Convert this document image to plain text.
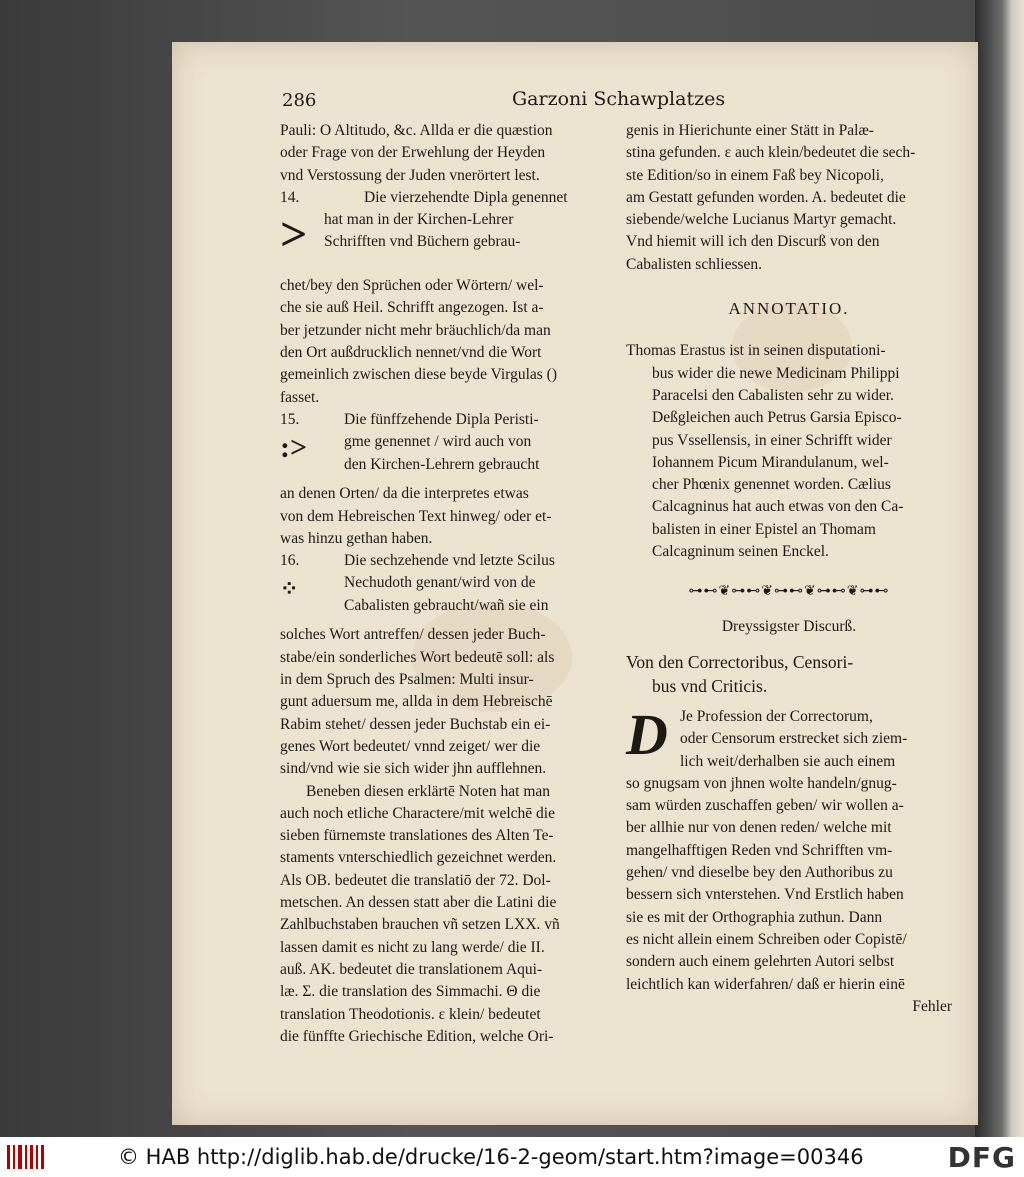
286	Garzoni Schawplatzes
Pauli: O Altitudo, &c. Allda er die quæstion
oder Frage von der Erwehlung der Heyden
vnd Verstossung der Juden vnerörtert lest.
14.	Die vierzehendte Dipla genennet
>	hat man in der Kirchen-Lehrer
Schrifften vnd Büchern gebrau-
chet/bey den Sprüchen oder Wörtern/ wel-
che sie auß Heil. Schrifft angezogen. Ist a-
ber jetzunder nicht mehr bräuchlich/da man
den Ort außdrucklich nennet/vnd die Wort
gemeinlich zwischen diese beyde Virgulas ()
fasset.
15.	Die fünffzehende Dipla Peristi-
:>	gme genennet / wird auch von
den Kirchen-Lehrern gebraucht
an denen Orten/ da die interpretes etwas
von dem Hebreischen Text hinweg/ oder et-
was hinzu gethan haben.
16.	Die sechzehende vnd letzte Scilus
⁘	Nechudoth genant/wird von de
Cabalisten gebraucht/wañ sie ein
solches Wort antreffen/ dessen jeder Buch-
stabe/ein sonderliches Wort bedeutē soll: als
in dem Spruch des Psalmen: Multi insur-
gunt aduersum me, allda in dem Hebreischē
Rabim stehet/ dessen jeder Buchstab ein ei-
genes Wort bedeutet/ vnnd zeiget/ wer die
sind/vnd wie sie sich wider jhn aufflehnen.
Beneben diesen erklärtē Noten hat man
auch noch etliche Charactere/mit welchē die
sieben fürnemste translationes des Alten Te-
staments vnterschiedlich gezeichnet werden.
Als OB. bedeutet die translatiō der 72. Dol-
metschen. An dessen statt aber die Latini die
Zahlbuchstaben brauchen vñ setzen LXX. vñ
lassen damit es nicht zu lang werde/ die II.
auß. AK. bedeutet die translationem Aqui-
læ. Σ. die translation des Simmachi. Θ die
translation Theodotionis. ε klein/ bedeutet
die fünffte Griechische Edition, welche Ori-
genis in Hierichunte einer Stätt in Palæ-
stina gefunden. ε auch klein/bedeutet die sech-
ste Edition/so in einem Faß bey Nicopoli,
am Gestatt gefunden worden. A. bedeutet die
siebende/welche Lucianus Martyr gemacht.
Vnd hiemit will ich den Discurß von den
Cabalisten schliessen.
ANNOTATIO.
Thomas Erastus ist in seinen disputationi-
bus wider die newe Medicinam Philippi
Paracelsi den Cabalisten sehr zu wider.
Deßgleichen auch Petrus Garsia Episco-
pus Vssellensis, in einer Schrifft wider
Iohannem Picum Mirandulanum, wel-
cher Phœnix genennet worden. Cælius
Calcagninus hat auch etwas von den Ca-
balisten in einer Epistel an Thomam
Calcagninum seinen Enckel.
⊶⊷❦⊶⊷❦⊶⊷❦⊶⊷❦⊶⊷
Dreyssigster Discurß.
Von den Correctoribus, Censori-
bus vnd Criticis.
D Je Profession der Correctorum,
oder Censorum erstrecket sich ziem-
lich weit/derhalben sie auch einem
so gnugsam von jhnen wolte handeln/gnug-
sam würden zuschaffen geben/ wir wollen a-
ber allhie nur von denen reden/ welche mit
mangelhafftigen Reden vnd Schrifften vm-
gehen/ vnd dieselbe bey den Authoribus zu
bessern sich vnterstehen. Vnd Erstlich haben
sie es mit der Orthographia zuthun. Dann
es nicht allein einem Schreiben oder Copistē/
sondern auch einem gelehrten Autori selbst
leichtlich kan widerfahren/ daß er hierin einē
Fehler
© HAB http://diglib.hab.de/drucke/16-2-geom/start.htm?image=00346	DFG
